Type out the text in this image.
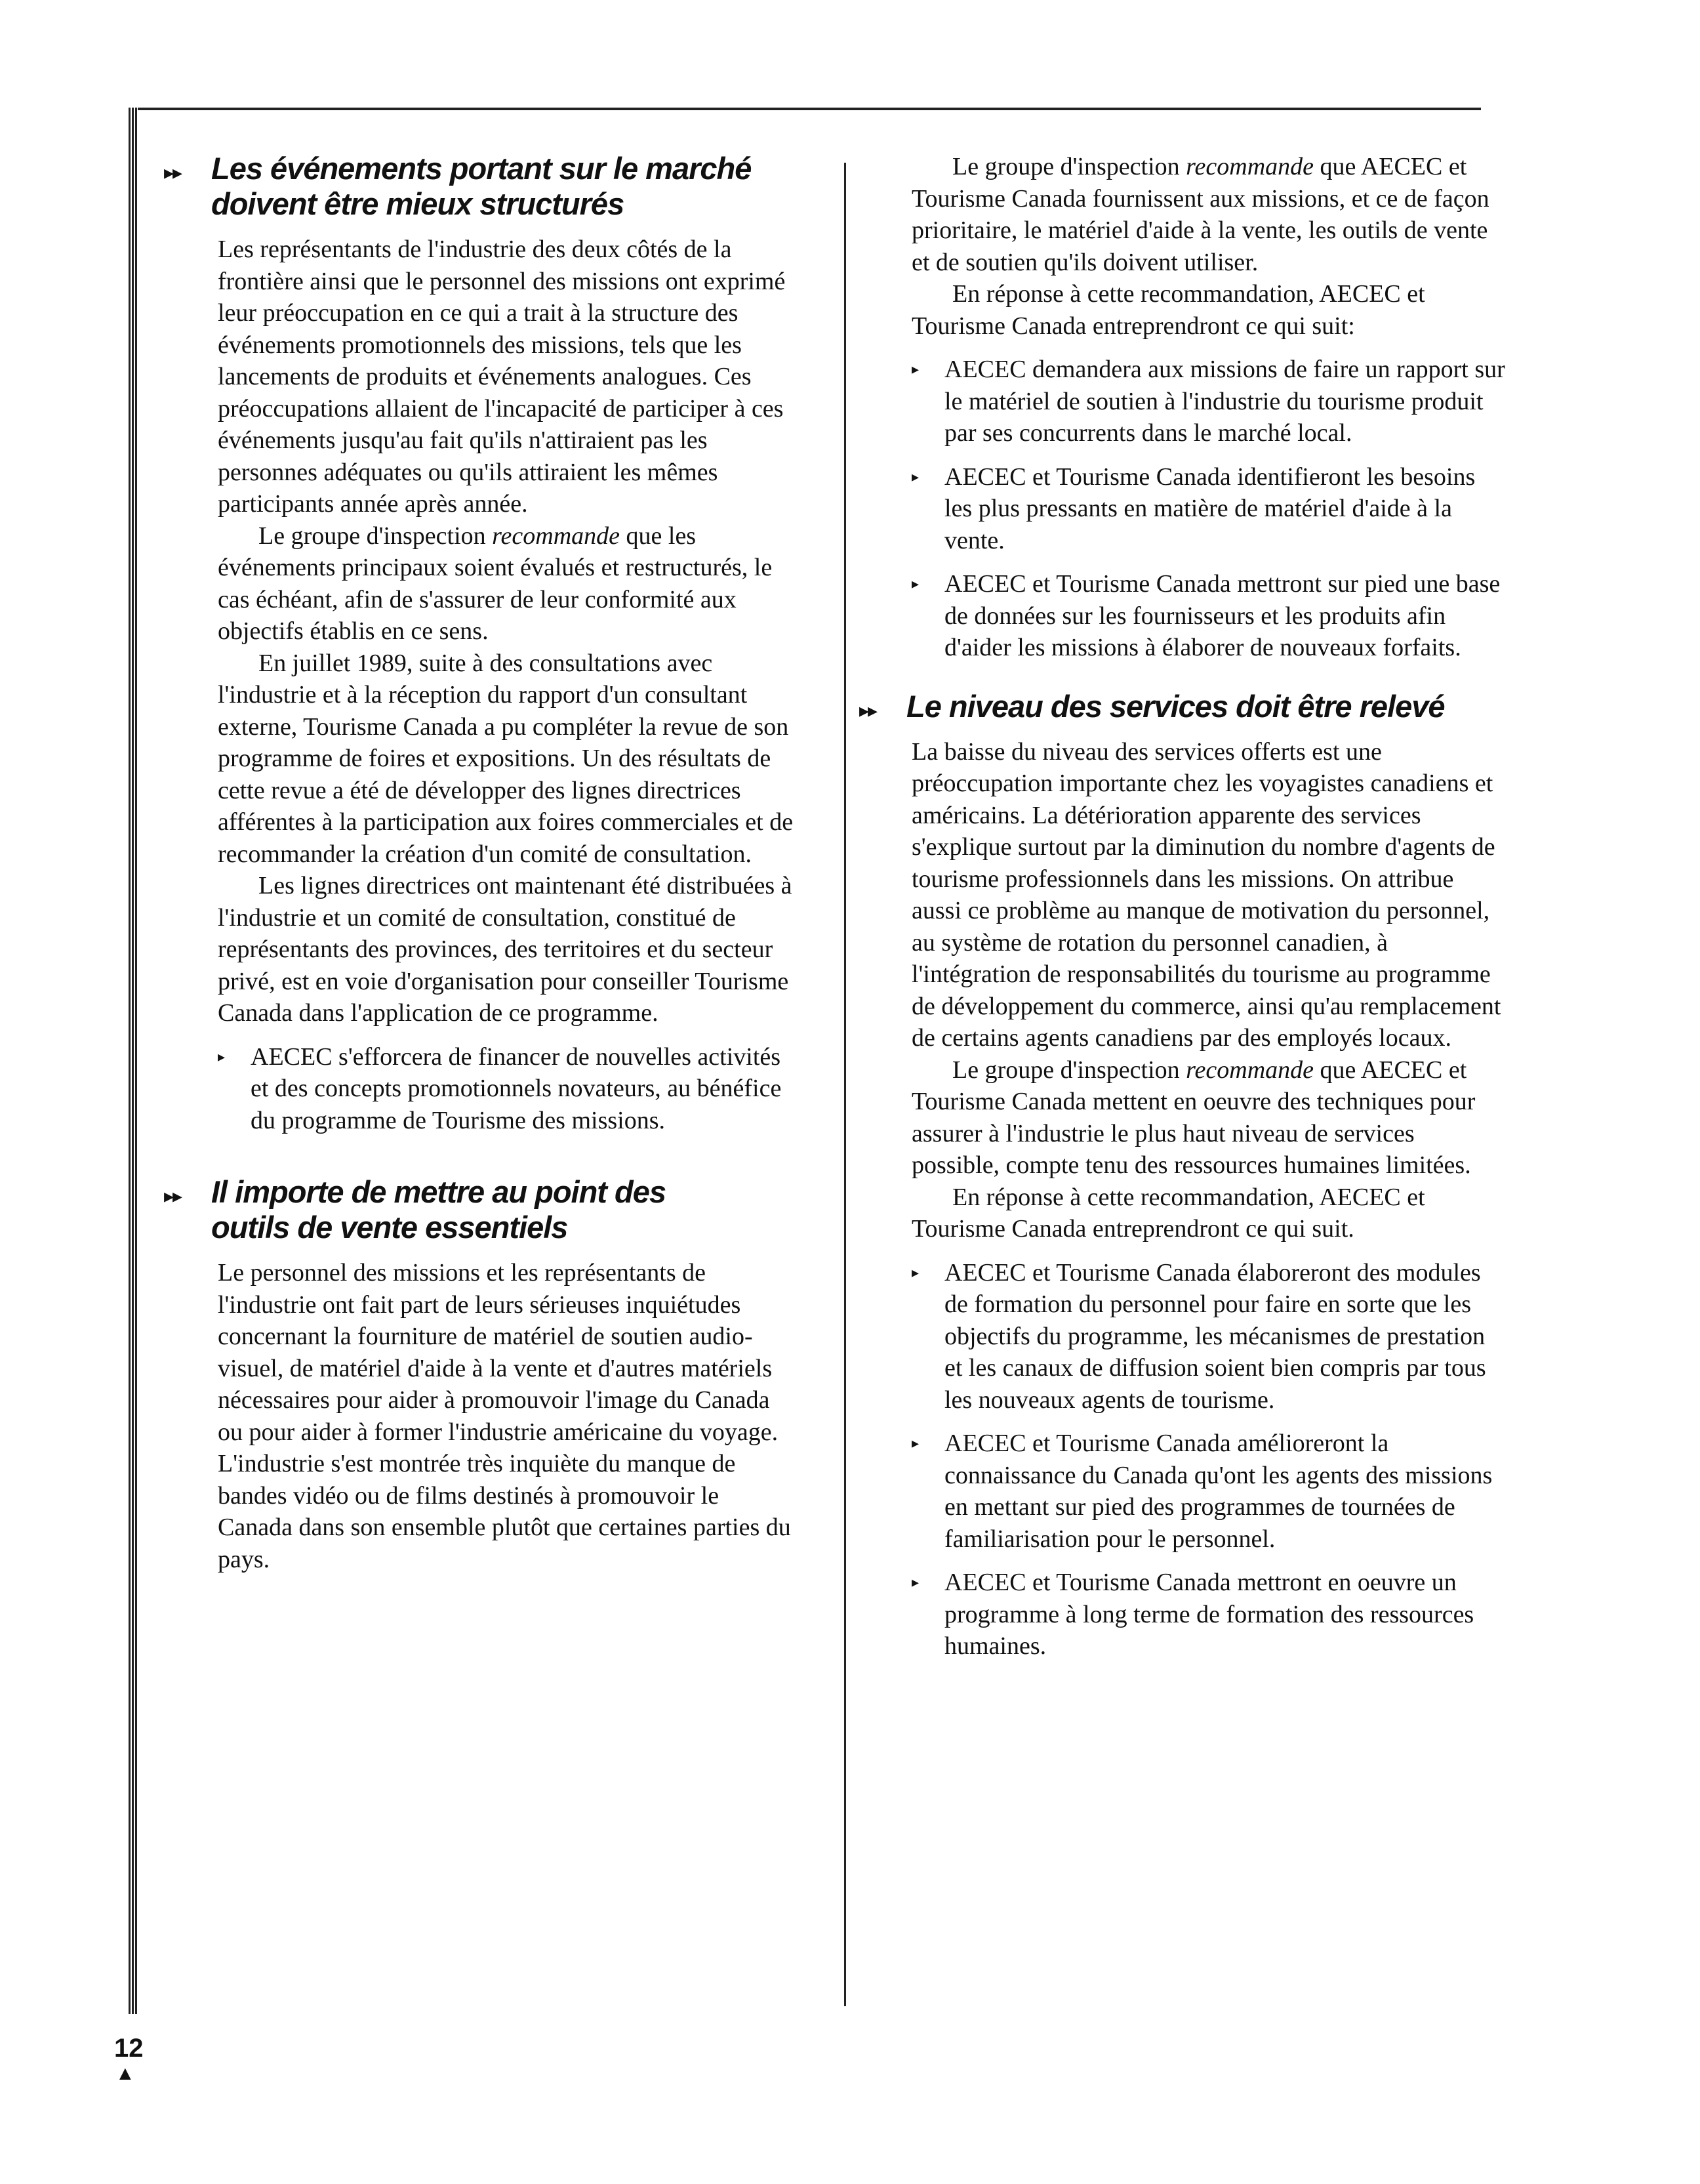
▸▸ Les événements portant sur le marché
doivent être mieux structurés

Les représentants de l'industrie des deux côtés de la frontière ainsi que le personnel des missions ont exprimé leur préoccupation en ce qui a trait à la structure des événements promotionnels des missions, tels que les lancements de produits et événements analogues. Ces préoccupations allaient de l'incapacité de participer à ces événements jusqu'au fait qu'ils n'attiraient pas les personnes adéquates ou qu'ils attiraient les mêmes participants année après année.

Le groupe d'inspection recommande que les événements principaux soient évalués et restructurés, le cas échéant, afin de s'assurer de leur conformité aux objectifs établis en ce sens.

En juillet 1989, suite à des consultations avec l'industrie et à la réception du rapport d'un consultant externe, Tourisme Canada a pu compléter la revue de son programme de foires et expositions. Un des résultats de cette revue a été de développer des lignes directrices afférentes à la participation aux foires commerciales et de recommander la création d'un comité de consultation.

Les lignes directrices ont maintenant été distribuées à l'industrie et un comité de consultation, constitué de représentants des provinces, des territoires et du secteur privé, est en voie d'organisation pour conseiller Tourisme Canada dans l'application de ce programme.

▸ AECEC s'efforcera de financer de nouvelles activités et des concepts promotionnels novateurs, au bénéfice du programme de Tourisme des missions.
▸▸ Il importe de mettre au point des
outils de vente essentiels

Le personnel des missions et les représentants de l'industrie ont fait part de leurs sérieuses inquiétudes concernant la fourniture de matériel de soutien audio-visuel, de matériel d'aide à la vente et d'autres matériels nécessaires pour aider à promouvoir l'image du Canada ou pour aider à former l'industrie américaine du voyage. L'industrie s'est montrée très inquiète du manque de bandes vidéo ou de films destinés à promouvoir le Canada dans son ensemble plutôt que certaines parties du pays.

Le groupe d'inspection recommande que AECEC et Tourisme Canada fournissent aux missions, et ce de façon prioritaire, le matériel d'aide à la vente, les outils de vente et de soutien qu'ils doivent utiliser.

En réponse à cette recommandation, AECEC et Tourisme Canada entreprendront ce qui suit:

▸ AECEC demandera aux missions de faire un rapport sur le matériel de soutien à l'industrie du tourisme produit par ses concurrents dans le marché local.
▸ AECEC et Tourisme Canada identifieront les besoins les plus pressants en matière de matériel d'aide à la vente.
▸ AECEC et Tourisme Canada mettront sur pied une base de données sur les fournisseurs et les produits afin d'aider les missions à élaborer de nouveaux forfaits.
▸▸ Le niveau des services doit être relevé

La baisse du niveau des services offerts est une préoccupation importante chez les voyagistes canadiens et américains. La détérioration apparente des services s'explique surtout par la diminution du nombre d'agents de tourisme professionnels dans les missions. On attribue aussi ce problème au manque de motivation du personnel, au système de rotation du personnel canadien, à l'intégration de responsabilités du tourisme au programme de développement du commerce, ainsi qu'au remplacement de certains agents canadiens par des employés locaux.

Le groupe d'inspection recommande que AECEC et Tourisme Canada mettent en oeuvre des techniques pour assurer à l'industrie le plus haut niveau de services possible, compte tenu des ressources humaines limitées.

En réponse à cette recommandation, AECEC et Tourisme Canada entreprendront ce qui suit.

▸ AECEC et Tourisme Canada élaboreront des modules de formation du personnel pour faire en sorte que les objectifs du programme, les mécanismes de prestation et les canaux de diffusion soient bien compris par tous les nouveaux agents de tourisme.
▸ AECEC et Tourisme Canada amélioreront la connaissance du Canada qu'ont les agents des missions en mettant sur pied des programmes de tournées de familiarisation pour le personnel.
▸ AECEC et Tourisme Canada mettront en oeuvre un programme à long terme de formation des ressources humaines.
12
▲
